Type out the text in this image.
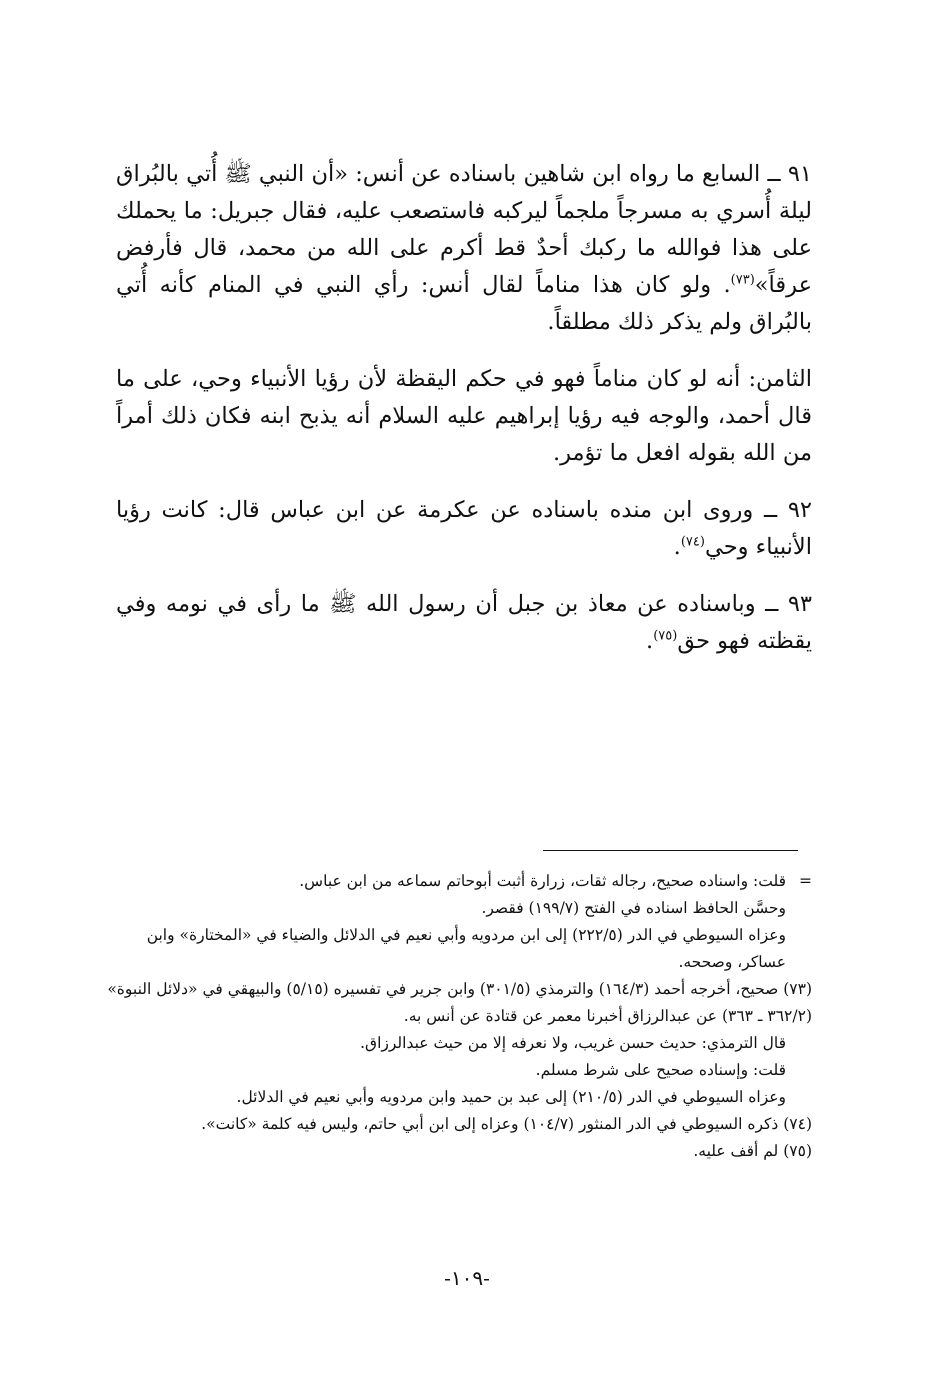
٩١ ــ السابع ما رواه ابن شاهين باسناده عن أنس: «أن النبي ﷺ أُتي بالبُراق ليلة أُسري به مسرجاً ملجماً ليركبه فاستصعب عليه، فقال جبريل: ما يحملك على هذا فوالله ما ركبك أحدٌ قط أكرم على الله من محمد، قال فأرفض عرقاً»$^{(٧٣)}$. ولو كان هذا مناماً لقال أنس: رأي النبي في المنام كأنه أُتي بالبُراق ولم يذكر ذلك مطلقاً.

الثامن: أنه لو كان مناماً فهو في حكم اليقظة لأن رؤيا الأنبياء وحي، على ما قال أحمد، والوجه فيه رؤيا إبراهيم عليه السلام أنه يذبح ابنه فكان ذلك أمراً من الله بقوله افعل ما تؤمر.

٩٢ ــ وروى ابن منده باسناده عن عكرمة عن ابن عباس قال: كانت رؤيا الأنبياء وحي$^{(٧٤)}$.

٩٣ ــ وباسناده عن معاذ بن جبل أن رسول الله ﷺ ما رأى في نومه وفي يقظته فهو حق$^{(٧٥)}$.

=قلت: واسناده صحيح، رجاله ثقات، زرارة أثبت أبوحاتم سماعه من ابن عباس.

وحسَّن الحافظ اسناده في الفتح (١٩٩/٧) فقصر.

وعزاه السيوطي في الدر (٢٢٢/٥) إلى ابن مردويه وأبي نعيم في الدلائل والضياء في «المختارة» وابن عساكر، وصححه.

(٧٣) صحيح، أخرجه أحمد (١٦٤/٣) والترمذي (٣٠١/٥) وابن جرير في تفسيره (٥/١٥) والبيهقي في «دلائل النبوة» (٣٦٢/٢ ـ ٣٦٣) عن عبدالرزاق أخبرنا معمر عن قتادة عن أنس به.

قال الترمذي: حديث حسن غريب، ولا نعرفه إلا من حيث عبدالرزاق.

قلت: وإسناده صحيح على شرط مسلم.

وعزاه السيوطي في الدر (٢١٠/٥) إلى عبد بن حميد وابن مردويه وأبي نعيم في الدلائل.

(٧٤) ذكره السيوطي في الدر المنثور (١٠٤/٧) وعزاه إلى ابن أبي حاتم، وليس فيه كلمة «كانت».

(٧٥) لم أقف عليه.

-١٠٩-
